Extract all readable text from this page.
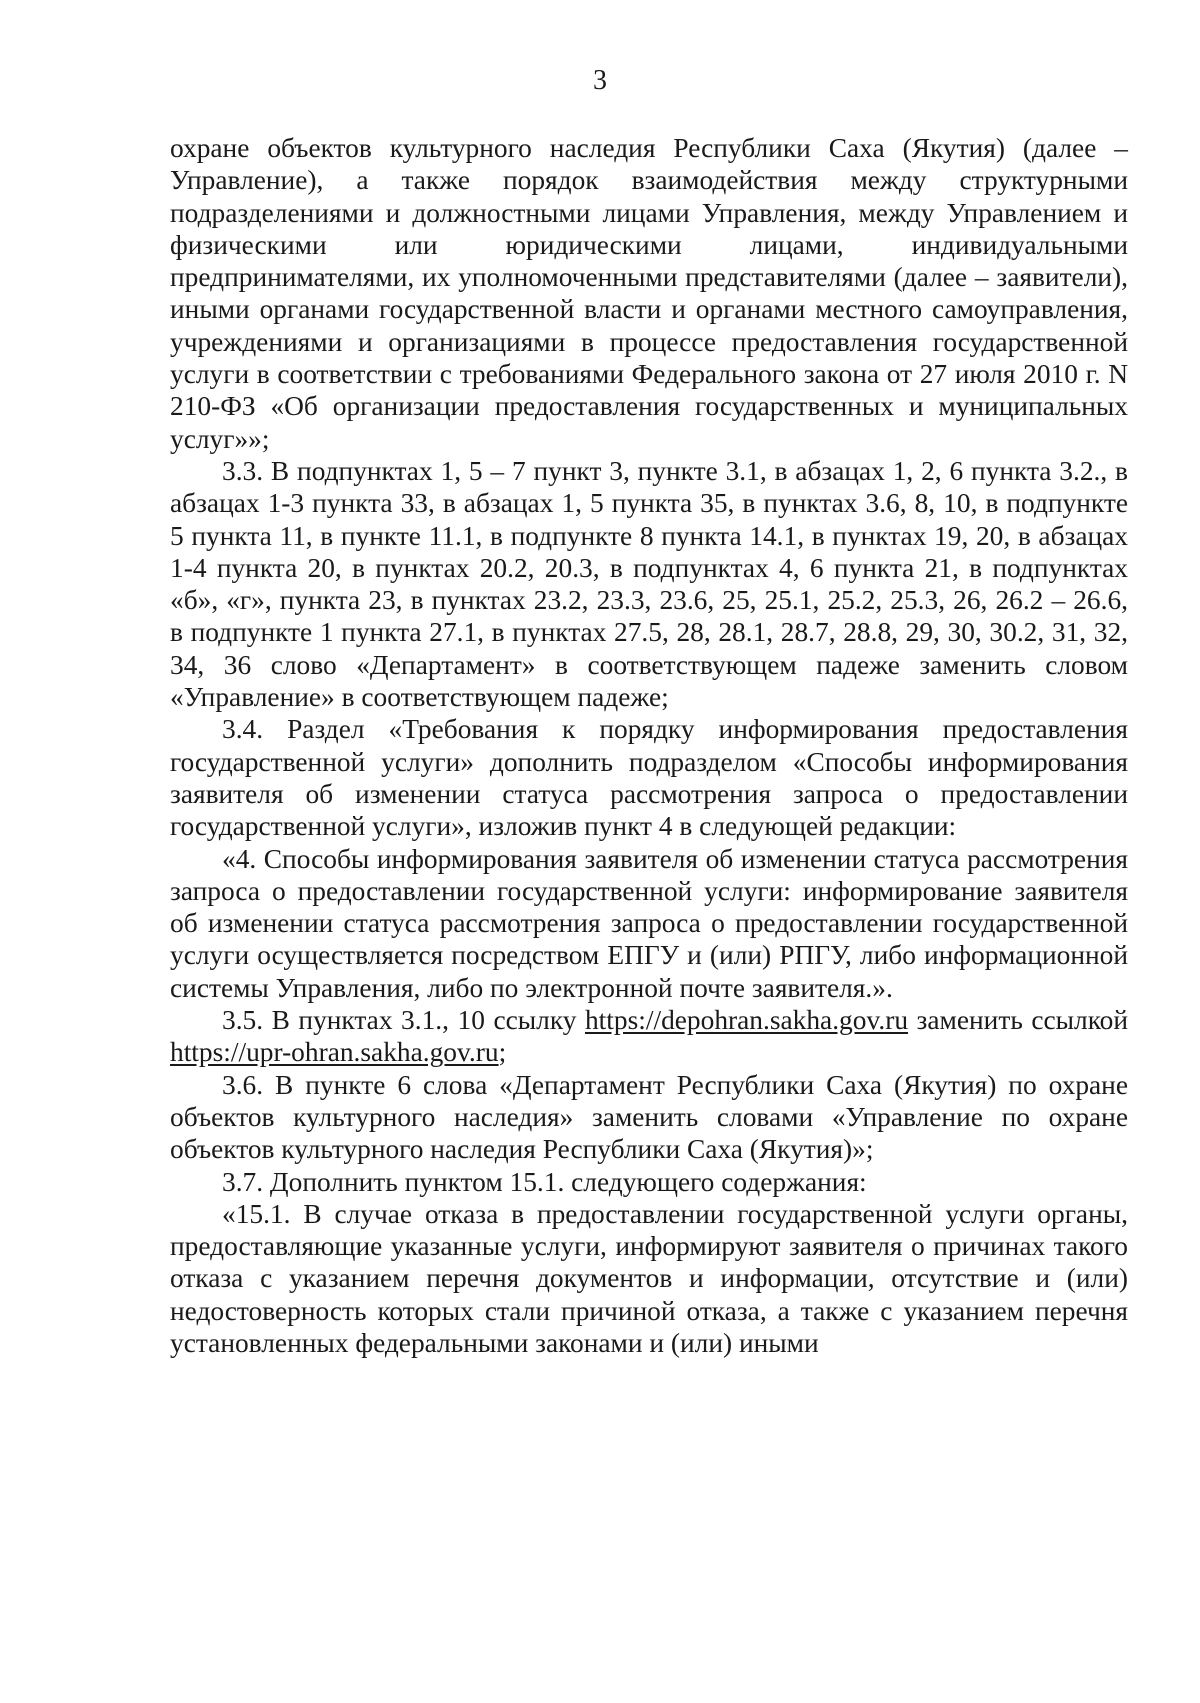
3

охране объектов культурного наследия Республики Саха (Якутия) (далее – Управление), а также порядок взаимодействия между структурными подразделениями и должностными лицами Управления, между Управлением и физическими или юридическими лицами, индивидуальными предпринимателями, их уполномоченными представителями (далее – заявители), иными органами государственной власти и органами местного самоуправления, учреждениями и организациями в процессе предоставления государственной услуги в соответствии с требованиями Федерального закона от 27 июля 2010 г. N 210-ФЗ «Об организации предоставления государственных и муниципальных услуг»»;

3.3. В подпунктах 1, 5 – 7 пункт 3, пункте 3.1, в абзацах 1, 2, 6 пункта 3.2., в абзацах 1-3 пункта 33, в абзацах 1, 5 пункта 35, в пунктах 3.6, 8, 10, в подпункте 5 пункта 11, в пункте 11.1, в подпункте 8 пункта 14.1, в пунктах 19, 20, в абзацах 1-4 пункта 20, в пунктах 20.2, 20.3, в подпунктах 4, 6 пункта 21, в подпунктах «б», «г», пункта 23, в пунктах 23.2, 23.3, 23.6, 25, 25.1, 25.2, 25.3, 26, 26.2 – 26.6, в подпункте 1 пункта 27.1, в пунктах 27.5, 28, 28.1, 28.7, 28.8, 29, 30, 30.2, 31, 32, 34, 36 слово «Департамент» в соответствующем падеже заменить словом «Управление» в соответствующем падеже;

3.4. Раздел «Требования к порядку информирования предоставления государственной услуги» дополнить подразделом «Способы информирования заявителя об изменении статуса рассмотрения запроса о предоставлении государственной услуги», изложив пункт 4 в следующей редакции:

«4. Способы информирования заявителя об изменении статуса рассмотрения запроса о предоставлении государственной услуги: информирование заявителя об изменении статуса рассмотрения запроса о предоставлении государственной услуги осуществляется посредством ЕПГУ и (или) РПГУ, либо информационной системы Управления, либо по электронной почте заявителя.».

3.5. В пунктах 3.1., 10 ссылку https://depohran.sakha.gov.ru заменить ссылкой https://upr-ohran.sakha.gov.ru;

3.6. В пункте 6 слова «Департамент Республики Саха (Якутия) по охране объектов культурного наследия» заменить словами «Управление по охране объектов культурного наследия Республики Саха (Якутия)»;

3.7. Дополнить пунктом 15.1. следующего содержания:

«15.1. В случае отказа в предоставлении государственной услуги органы, предоставляющие указанные услуги, информируют заявителя о причинах такого отказа с указанием перечня документов и информации, отсутствие и (или) недостоверность которых стали причиной отказа, а также с указанием перечня установленных федеральными законами и (или) иными
